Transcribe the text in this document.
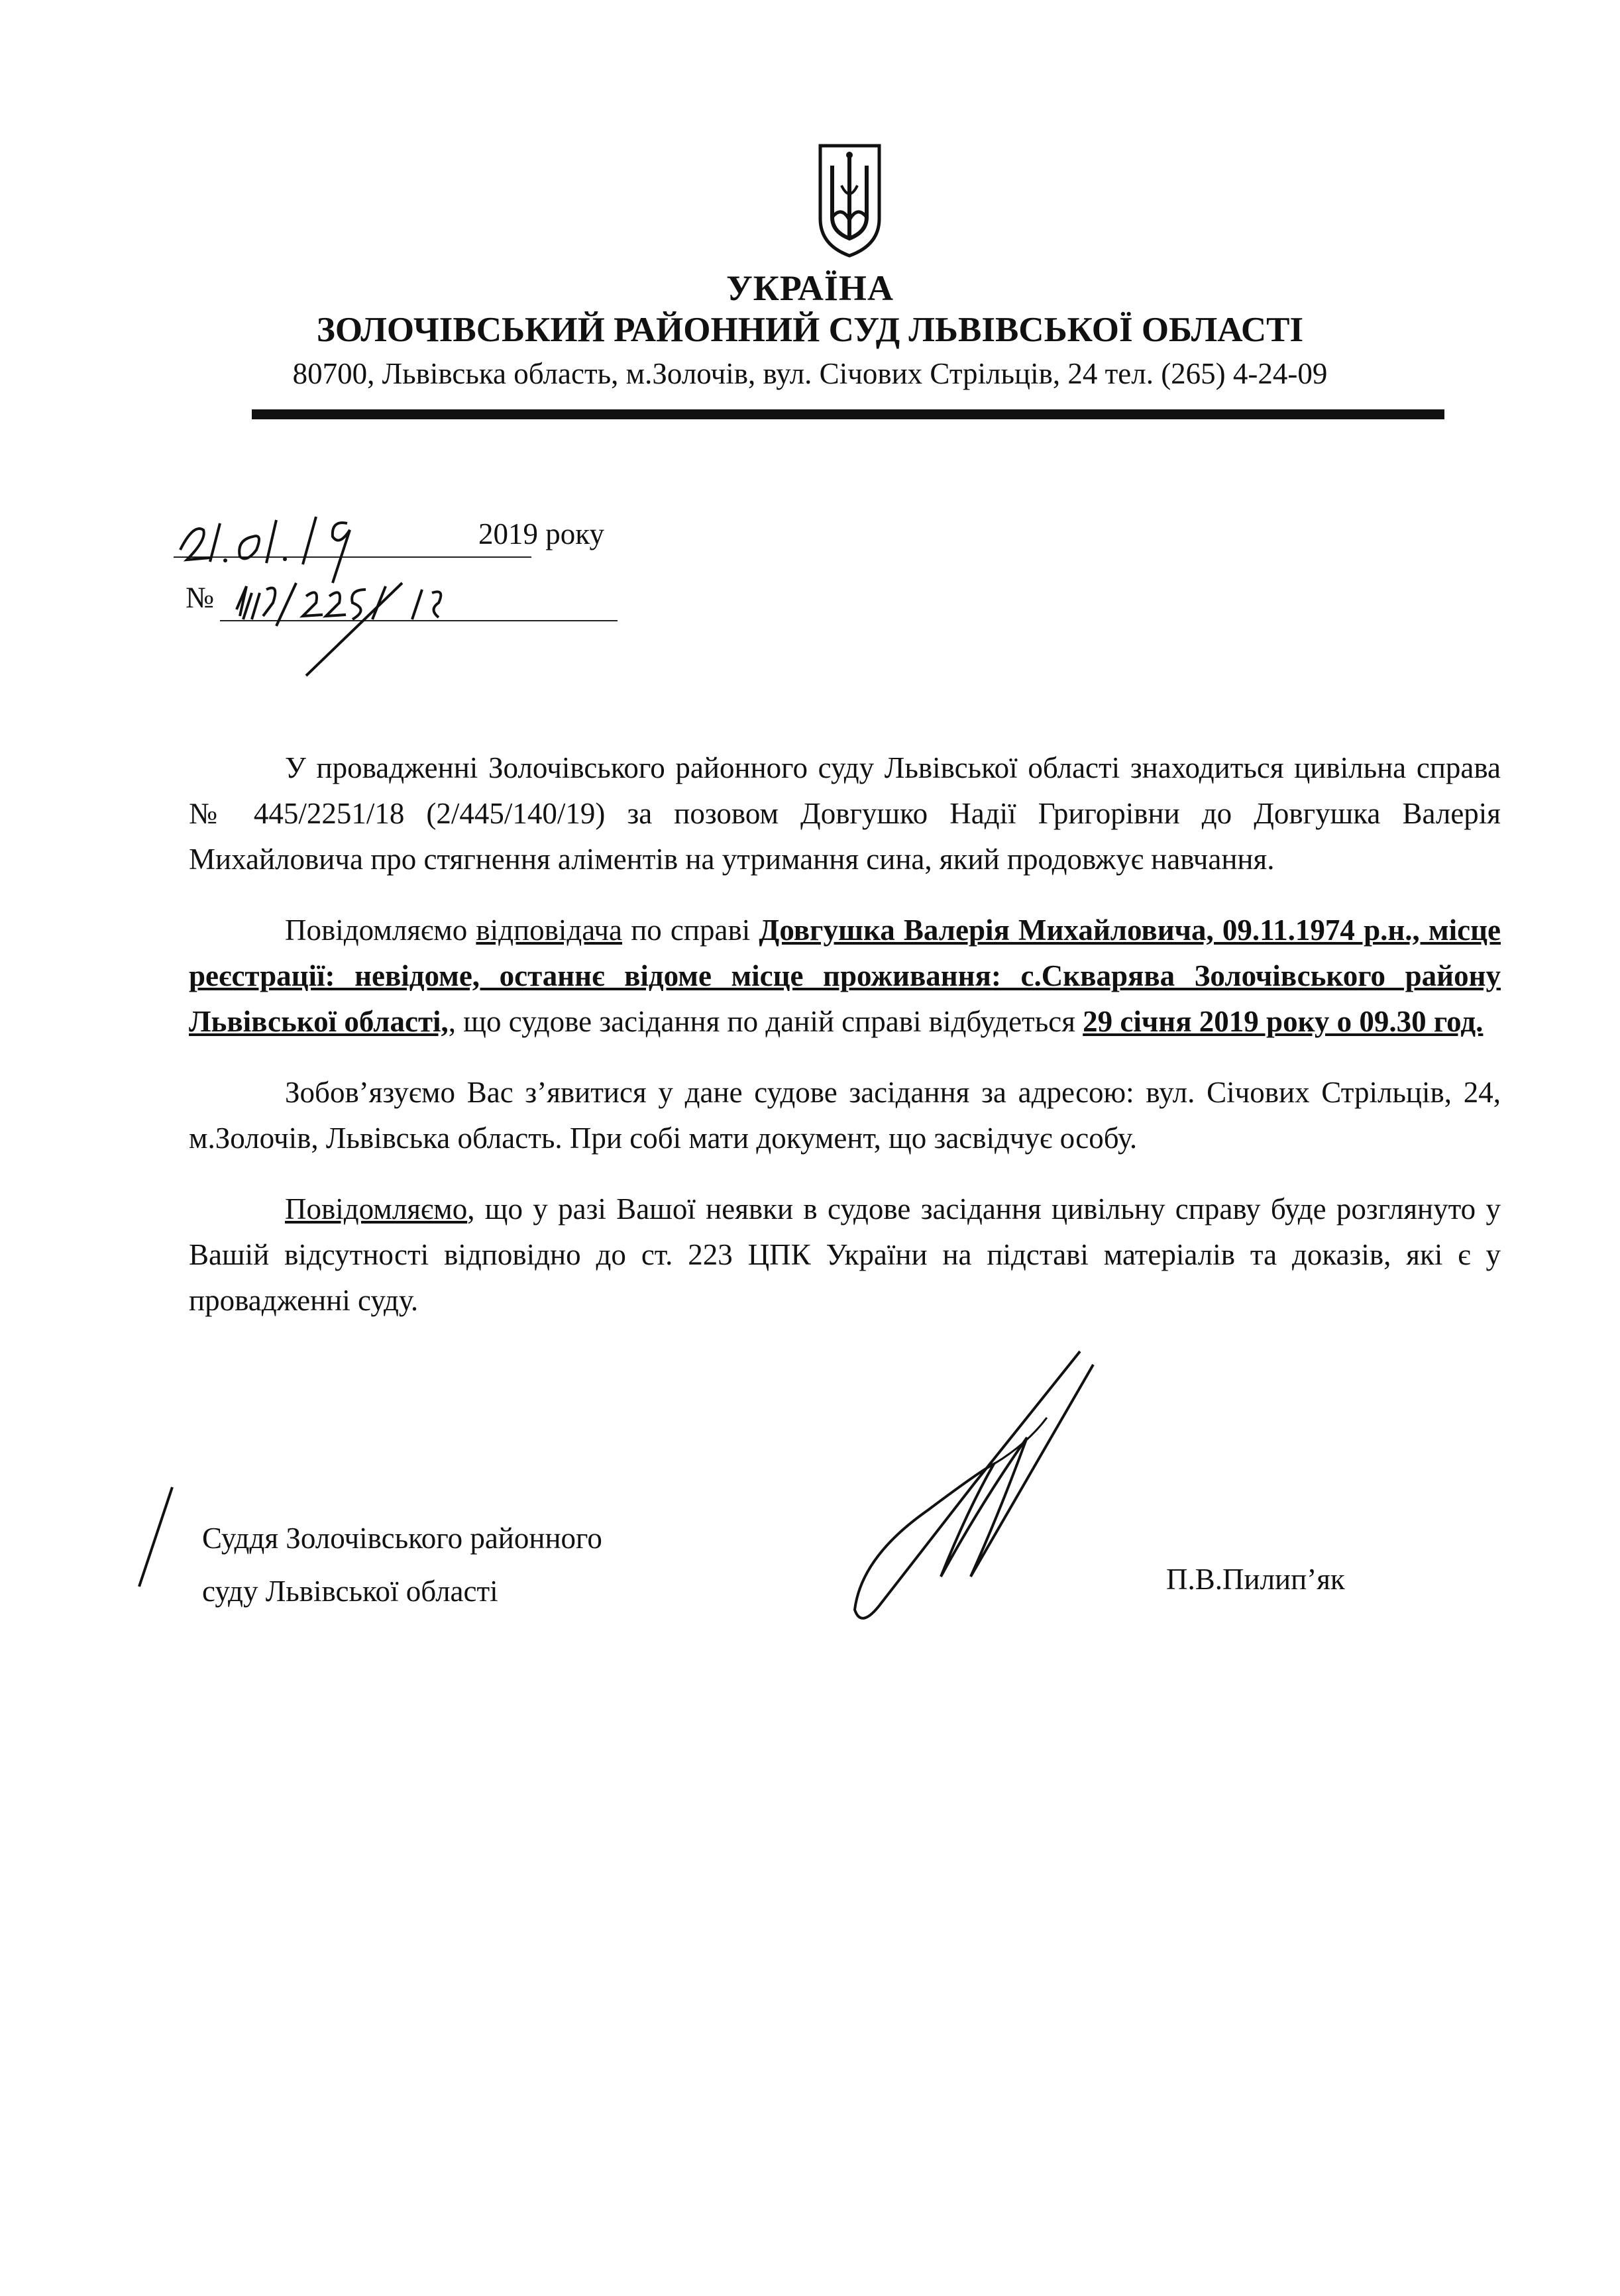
УКРАЇНА
ЗОЛОЧІВСЬКИЙ РАЙОННИЙ СУД ЛЬВІВСЬКОЇ ОБЛАСТІ
80700, Львівська область, м.Золочів, вул. Січових Стрільців, 24 тел. (265) 4-24-09
2019 року
№

У провадженні Золочівського районного суду Львівської області знаходиться цивільна справа № 445/2251/18 (2/445/140/19) за позовом Довгушко Надії Григорівни до Довгушка Валерія Михайловича про стягнення аліментів на утримання сина, який продовжує навчання.

Повідомляємо відповідача по справі Довгушка Валерія Михайловича, 09.11.1974 р.н., місце реєстрації: невідоме, останнє відоме місце проживання: с.Скварява Золочівського району Львівської області,, що судове засідання по даній справі відбудеться 29 січня 2019 року о 09.30 год.

Зобов’язуємо Вас з’явитися у дане судове засідання за адресою: вул. Січових Стрільців, 24, м.Золочів, Львівська область. При собі мати документ, що засвідчує особу.

Повідомляємо, що у разі Вашої неявки в судове засідання цивільну справу буде розглянуто у Вашій відсутності відповідно до ст. 223 ЦПК України на підставі матеріалів та доказів, які є у провадженні суду.

Суддя Золочівського районного
суду Львівської області	П.В.Пилип’як
